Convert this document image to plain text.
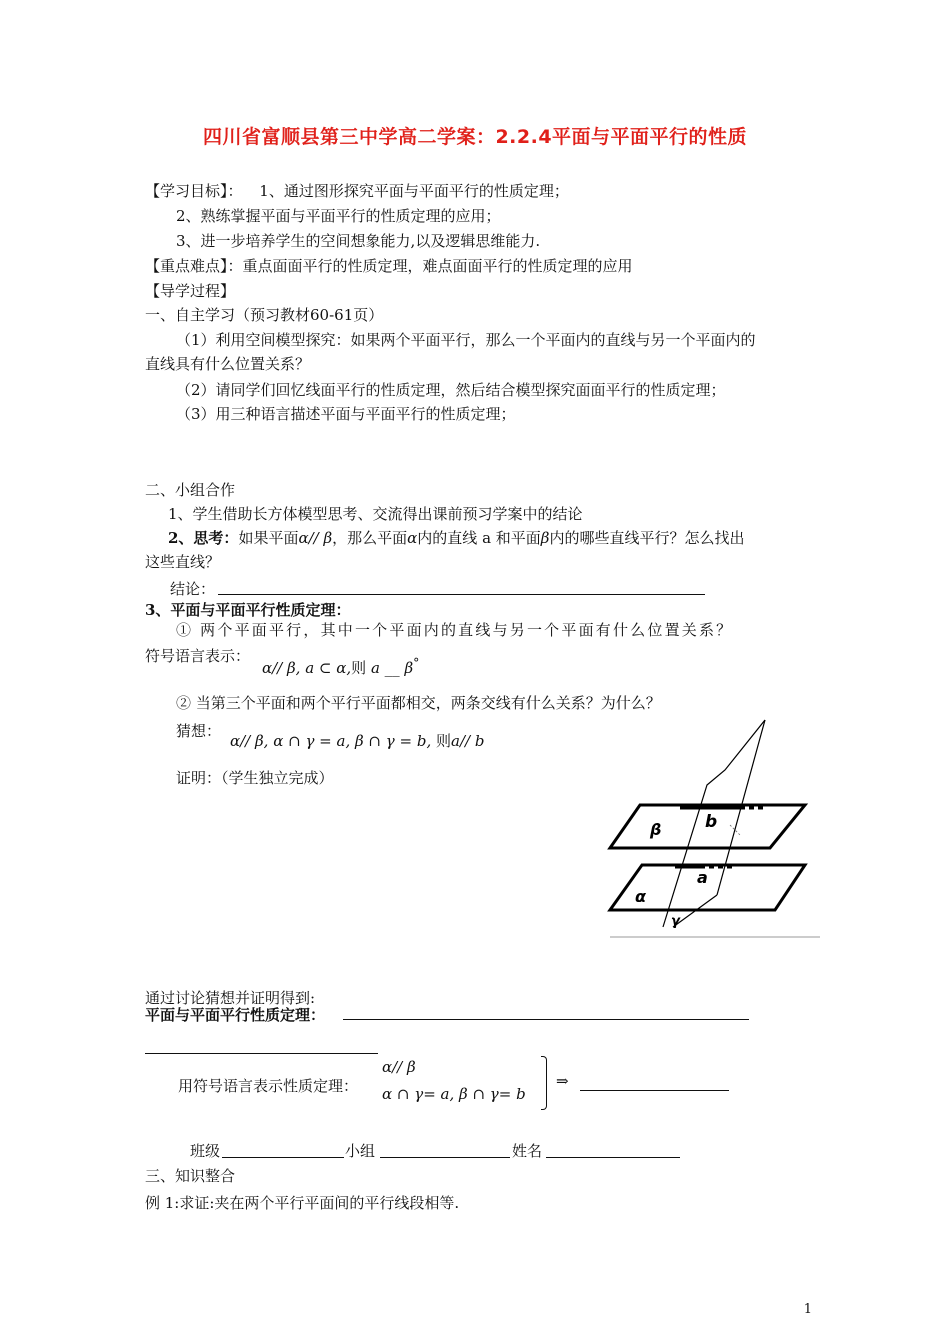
四川省富顺县第三中学高二学案：2.2.4平面与平面平行的性质
【学习目标】： 1、通过图形探究平面与平面平行的性质定理；
2、熟练掌握平面与平面平行的性质定理的应用；
3、进一步培养学生的空间想象能力,以及逻辑思维能力.
【重点难点】：重点面面平行的性质定理，难点面面平行的性质定理的应用
【导学过程】
一、自主学习（预习教材60-61页）
（1）利用空间模型探究：如果两个平面平行，那么一个平面内的直线与另一个平面内的
直线具有什么位置关系？
（2）请同学们回忆线面平行的性质定理，然后结合模型探究面面平行的性质定理；
（3）用三种语言描述平面与平面平行的性质定理；
二、小组合作
1、学生借助长方体模型思考、交流得出课前预习学案中的结论
2、思考：如果平面α// β，那么平面α内的直线 a 和平面β内的哪些直线平行？怎么找出
这些直线？
结论：
3、平面与平面平行性质定理：
① 两个平面平行，其中一个平面内的直线与另一个平面有什么位置关系？
符号语言表示：
α// β, a ⊂ α,则 a __ β°
② 当第三个平面和两个平行平面都相交，两条交线有什么关系？为什么？
猜想：
α// β, α ∩ γ = a, β ∩ γ = b, 则a// b
证明：（学生独立完成）
β	b
α
a
γ
通过讨论猜想并证明得到:
平面与平面平行性质定理：
用符号语言表示性质定理：
α// β
α ∩ γ= a, β ∩ γ= b
⇒
班级	小组	姓名
三、知识整合
例 1:求证:夹在两个平行平面间的平行线段相等.
1
